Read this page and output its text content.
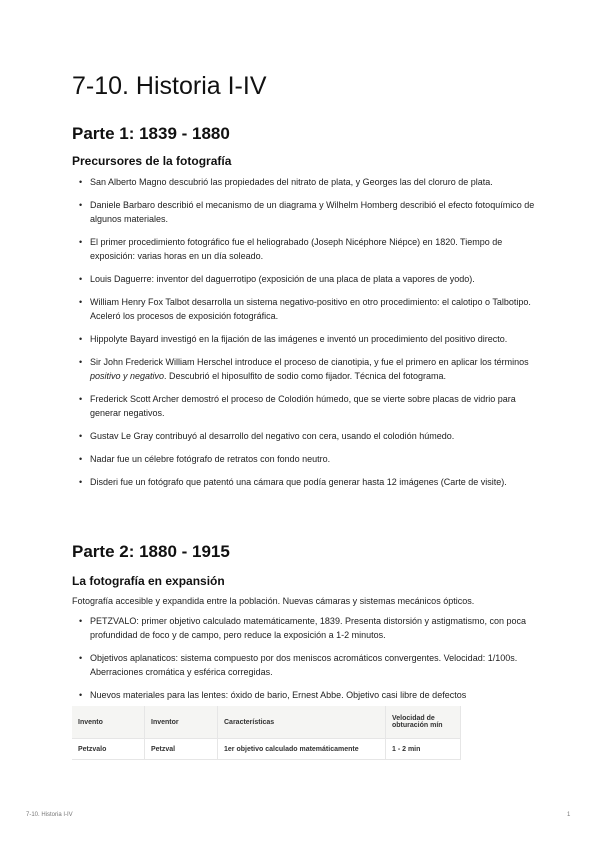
7-10. Historia I-IV
Parte 1: 1839 - 1880
Precursores de la fotografía
• San Alberto Magno descubrió las propiedades del nitrato de plata, y Georges las del cloruro de plata.
• Daniele Barbaro describió el mecanismo de un diagrama y Wilhelm Homberg describió el efecto fotoquímico de algunos materiales.
• El primer procedimiento fotográfico fue el heliograbado (Joseph Nicéphore Niépce) en 1820. Tiempo de exposición: varias horas en un día soleado.
• Louis Daguerre: inventor del daguerrotipo (exposición de una placa de plata a vapores de yodo).
• William Henry Fox Talbot desarrolla un sistema negativo-positivo en otro procedimiento: el calotipo o Talbotipo. Aceleró los procesos de exposición fotográfica.
• Hippolyte Bayard investigó en la fijación de las imágenes e inventó un procedimiento del positivo directo.
• Sir John Frederick William Herschel introduce el proceso de cianotipia, y fue el primero en aplicar los términos positivo y negativo. Descubrió el hiposulfito de sodio como fijador. Técnica del fotograma.
• Frederick Scott Archer demostró el proceso de Colodión húmedo, que se vierte sobre placas de vidrio para generar negativos.
• Gustav Le Gray contribuyó al desarrollo del negativo con cera, usando el colodión húmedo.
• Nadar fue un célebre fotógrafo de retratos con fondo neutro.
• Disderi fue un fotógrafo que patentó una cámara que podía generar hasta 12 imágenes (Carte de visite).
Parte 2: 1880 - 1915
La fotografía en expansión

Fotografía accesible y expandida entre la población. Nuevas cámaras y sistemas mecánicos ópticos.

• PETZVALO: primer objetivo calculado matemáticamente, 1839. Presenta distorsión y astigmatismo, con poca profundidad de foco y de campo, pero reduce la exposición a 1-2 minutos.
• Objetivos aplanaticos: sistema compuesto por dos meniscos acromáticos convergentes. Velocidad: 1/100s. Aberraciones cromática y esférica corregidas.
• Nuevos materiales para las lentes: óxido de bario, Ernest Abbe. Objetivo casi libre de defectos
Invento	Inventor	Características	Velocidad de obturación mín
Petzvalo	Petzval	1er objetivo calculado matemáticamente	1 - 2 min
7-10. Historia I-IV	1
